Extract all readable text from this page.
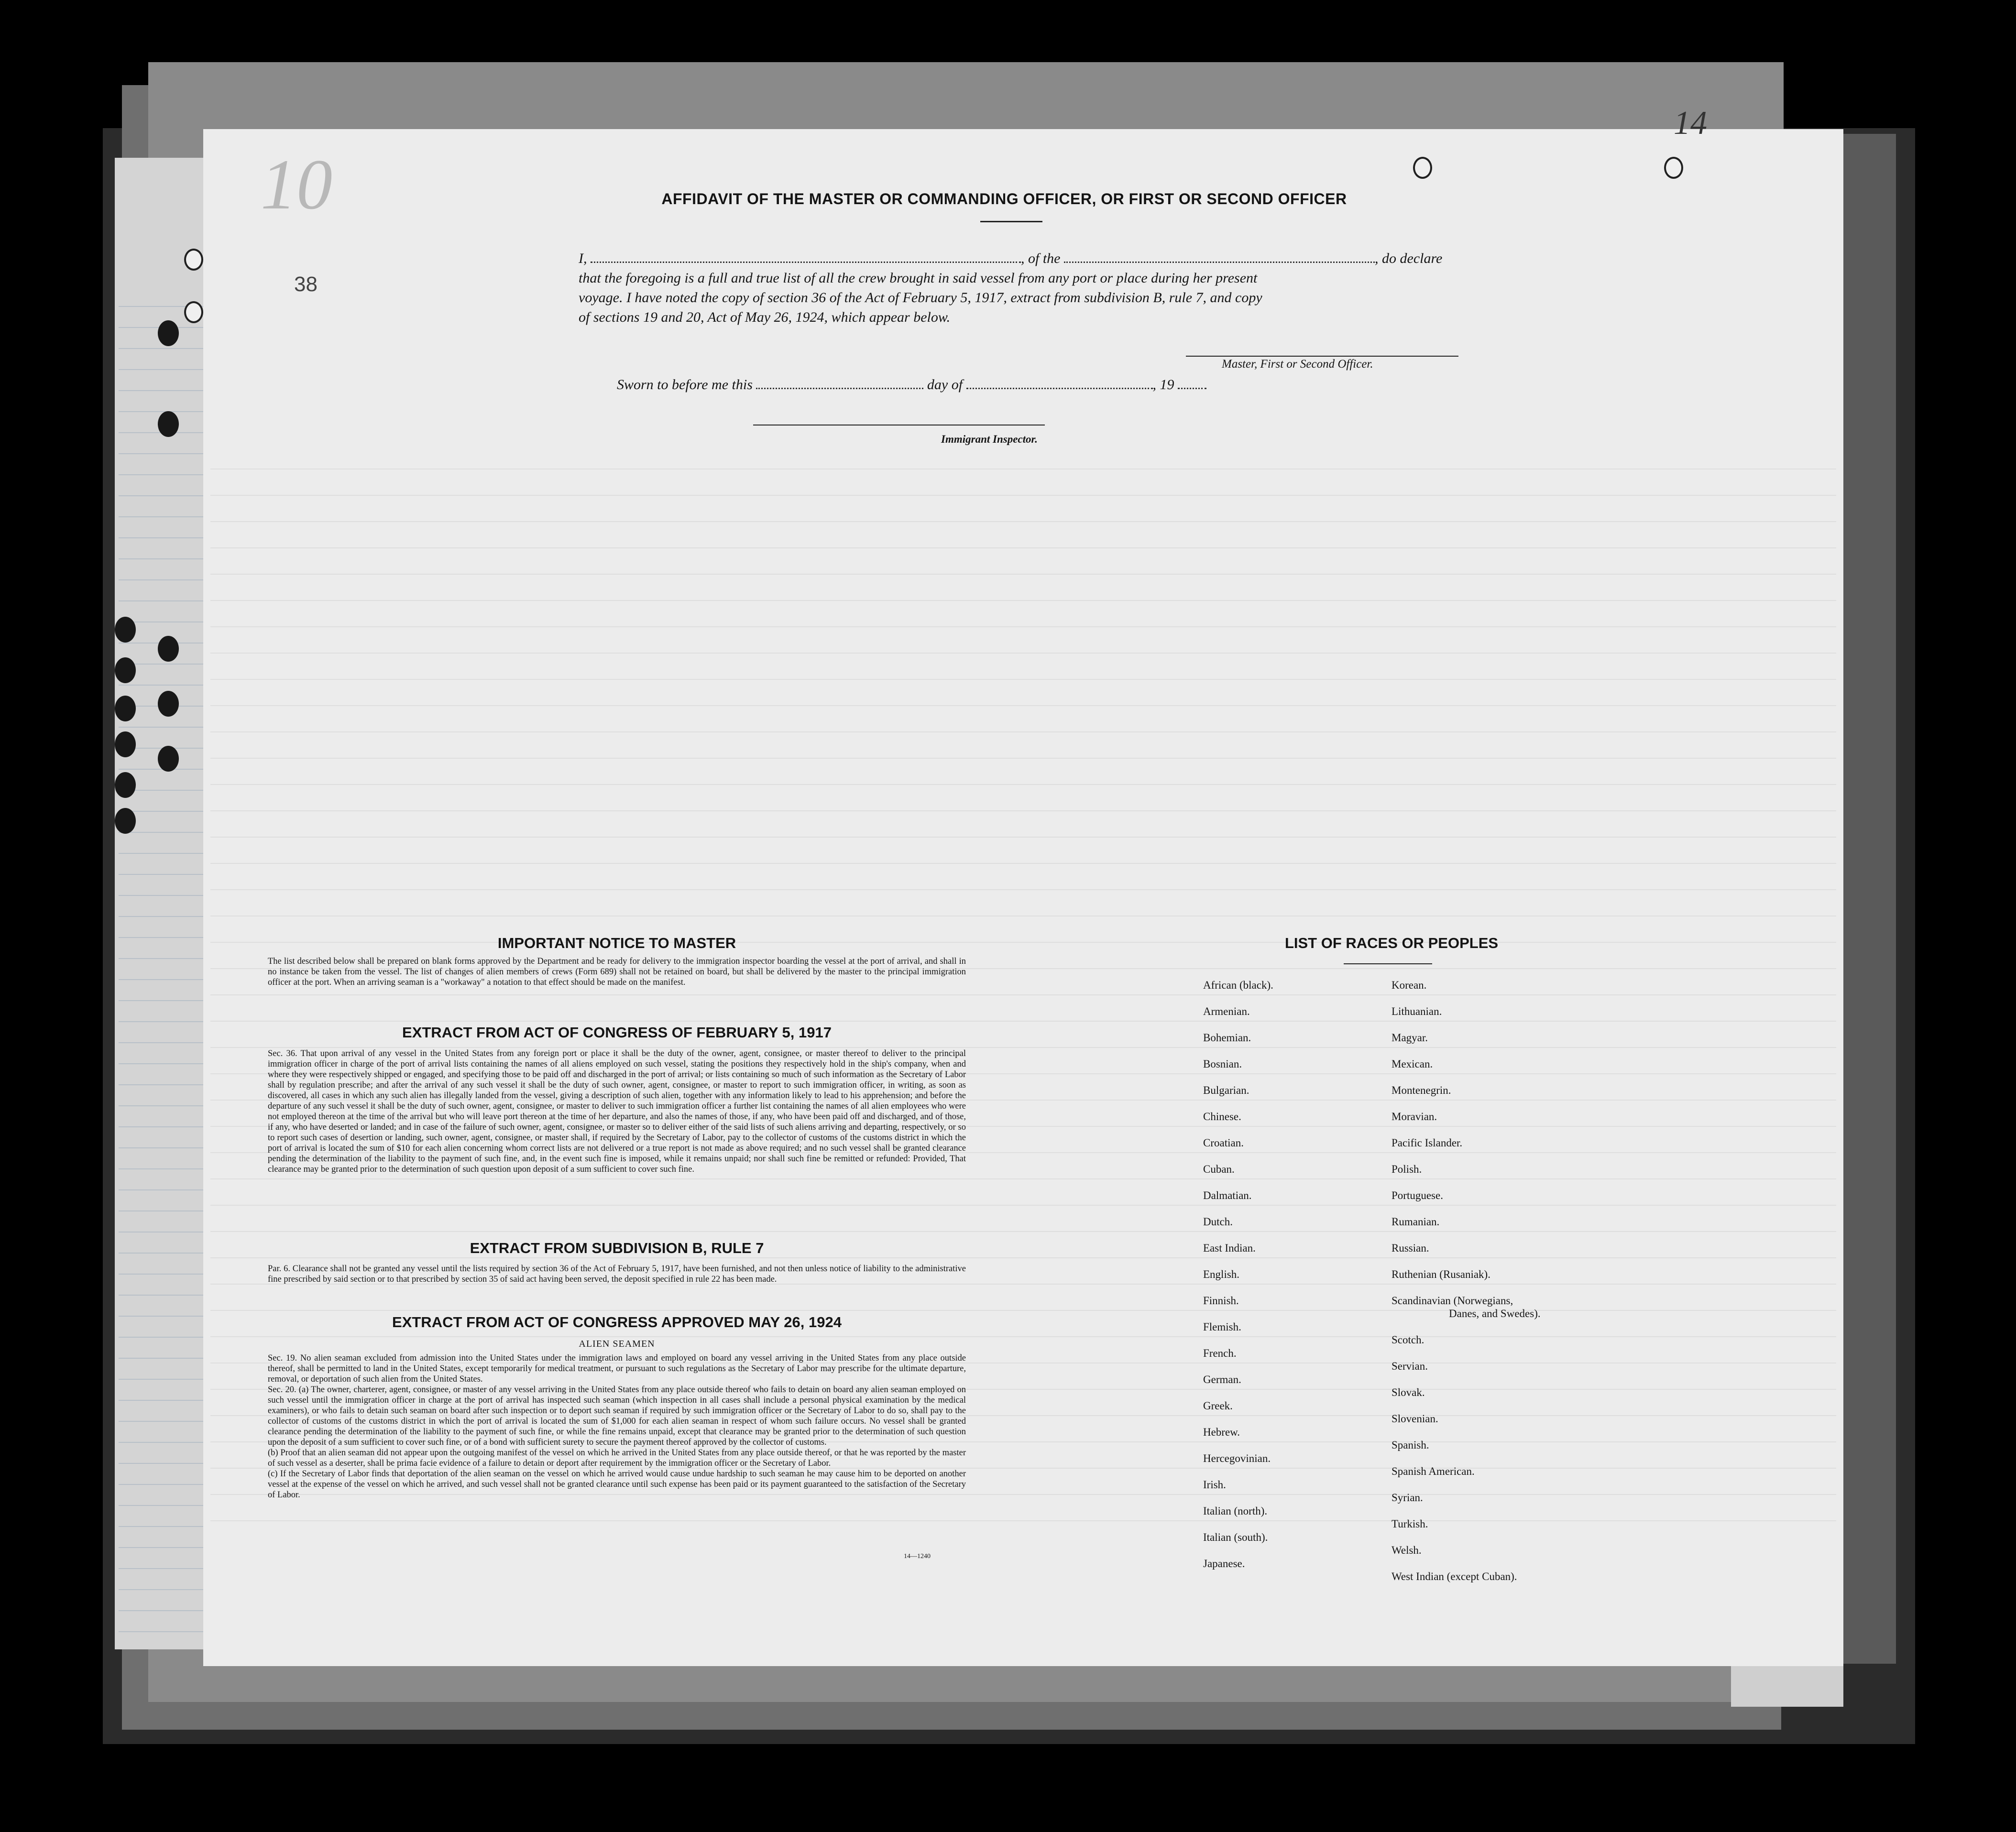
10
38
14
AFFIDAVIT OF THE MASTER OR COMMANDING OFFICER, OR FIRST OR SECOND OFFICER
I,	, of the	, do declare
that the foregoing is a full and true list of all the crew brought in said vessel from any port or place during her present
voyage. I have noted the copy of section 36 of the Act of February 5, 1917, extract from subdivision B, rule 7, and copy
of sections 19 and 20, Act of May 26, 1924, which appear below.
Master, First or Second Officer.
Sworn to before me this	day of	, 19
Immigrant Inspector.
IMPORTANT NOTICE TO MASTER

The list described below shall be prepared on blank forms approved by the Department and be ready for delivery to the immigration inspector boarding the vessel at the port of arrival, and shall in no instance be taken from the vessel. The list of changes of alien members of crews (Form 689) shall not be retained on board, but shall be delivered by the master to the principal immigration officer at the port. When an arriving seaman is a "workaway" a notation to that effect should be made on the manifest.

EXTRACT FROM ACT OF CONGRESS OF FEBRUARY 5, 1917

Sec. 36. That upon arrival of any vessel in the United States from any foreign port or place it shall be the duty of the owner, agent, consignee, or master thereof to deliver to the principal immigration officer in charge of the port of arrival lists containing the names of all aliens employed on such vessel, stating the positions they respectively hold in the ship's company, when and where they were respectively shipped or engaged, and specifying those to be paid off and discharged in the port of arrival; or lists containing so much of such information as the Secretary of Labor shall by regulation prescribe; and after the arrival of any such vessel it shall be the duty of such owner, agent, consignee, or master to report to such immigration officer, in writing, as soon as discovered, all cases in which any such alien has illegally landed from the vessel, giving a description of such alien, together with any information likely to lead to his apprehension; and before the departure of any such vessel it shall be the duty of such owner, agent, consignee, or master to deliver to such immigration officer a further list containing the names of all alien employees who were not employed thereon at the time of the arrival but who will leave port thereon at the time of her departure, and also the names of those, if any, who have been paid off and discharged, and of those, if any, who have deserted or landed; and in case of the failure of such owner, agent, consignee, or master so to deliver either of the said lists of such aliens arriving and departing, respectively, or so to report such cases of desertion or landing, such owner, agent, consignee, or master shall, if required by the Secretary of Labor, pay to the collector of customs of the customs district in which the port of arrival is located the sum of $10 for each alien concerning whom correct lists are not delivered or a true report is not made as above required; and no such vessel shall be granted clearance pending the determination of the liability to the payment of such fine, and, in the event such fine is imposed, while it remains unpaid; nor shall such fine be remitted or refunded: Provided, That clearance may be granted prior to the determination of such question upon deposit of a sum sufficient to cover such fine.

EXTRACT FROM SUBDIVISION B, RULE 7

Par. 6. Clearance shall not be granted any vessel until the lists required by section 36 of the Act of February 5, 1917, have been furnished, and not then unless notice of liability to the administrative fine prescribed by said section or to that prescribed by section 35 of said act having been served, the deposit specified in rule 22 has been made.

EXTRACT FROM ACT OF CONGRESS APPROVED MAY 26, 1924
ALIEN SEAMEN

Sec. 19. No alien seaman excluded from admission into the United States under the immigration laws and employed on board any vessel arriving in the United States from any place outside thereof, shall be permitted to land in the United States, except temporarily for medical treatment, or pursuant to such regulations as the Secretary of Labor may prescribe for the ultimate departure, removal, or deportation of such alien from the United States.

Sec. 20. (a) The owner, charterer, agent, consignee, or master of any vessel arriving in the United States from any place outside thereof who fails to detain on board any alien seaman employed on such vessel until the immigration officer in charge at the port of arrival has inspected such seaman (which inspection in all cases shall include a personal physical examination by the medical examiners), or who fails to detain such seaman on board after such inspection or to deport such seaman if required by such immigration officer or the Secretary of Labor to do so, shall pay to the collector of customs of the customs district in which the port of arrival is located the sum of $1,000 for each alien seaman in respect of whom such failure occurs. No vessel shall be granted clearance pending the determination of the liability to the payment of such fine, or while the fine remains unpaid, except that clearance may be granted prior to the determination of such question upon the deposit of a sum sufficient to cover such fine, or of a bond with sufficient surety to secure the payment thereof approved by the collector of customs.

(b) Proof that an alien seaman did not appear upon the outgoing manifest of the vessel on which he arrived in the United States from any place outside thereof, or that he was reported by the master of such vessel as a deserter, shall be prima facie evidence of a failure to detain or deport after requirement by the immigration officer or the Secretary of Labor.

(c) If the Secretary of Labor finds that deportation of the alien seaman on the vessel on which he arrived would cause undue hardship to such seaman he may cause him to be deported on another vessel at the expense of the vessel on which he arrived, and such vessel shall not be granted clearance until such expense has been paid or its payment guaranteed to the satisfaction of the Secretary of Labor.

14—1240
LIST OF RACES OR PEOPLES
African (black).
Armenian.
Bohemian.
Bosnian.
Bulgarian.
Chinese.
Croatian.
Cuban.
Dalmatian.
Dutch.
East Indian.
English.
Finnish.
Flemish.
French.
German.
Greek.
Hebrew.
Hercegovinian.
Irish.
Italian (north).
Italian (south).
Japanese.
Korean.
Lithuanian.
Magyar.
Mexican.
Montenegrin.
Moravian.
Pacific Islander.
Polish.
Portuguese.
Rumanian.
Russian.
Ruthenian (Rusaniak).
Scandinavian (Norwegians,
Danes, and Swedes).
Scotch.
Servian.
Slovak.
Slovenian.
Spanish.
Spanish American.
Syrian.
Turkish.
Welsh.
West Indian (except Cuban).
